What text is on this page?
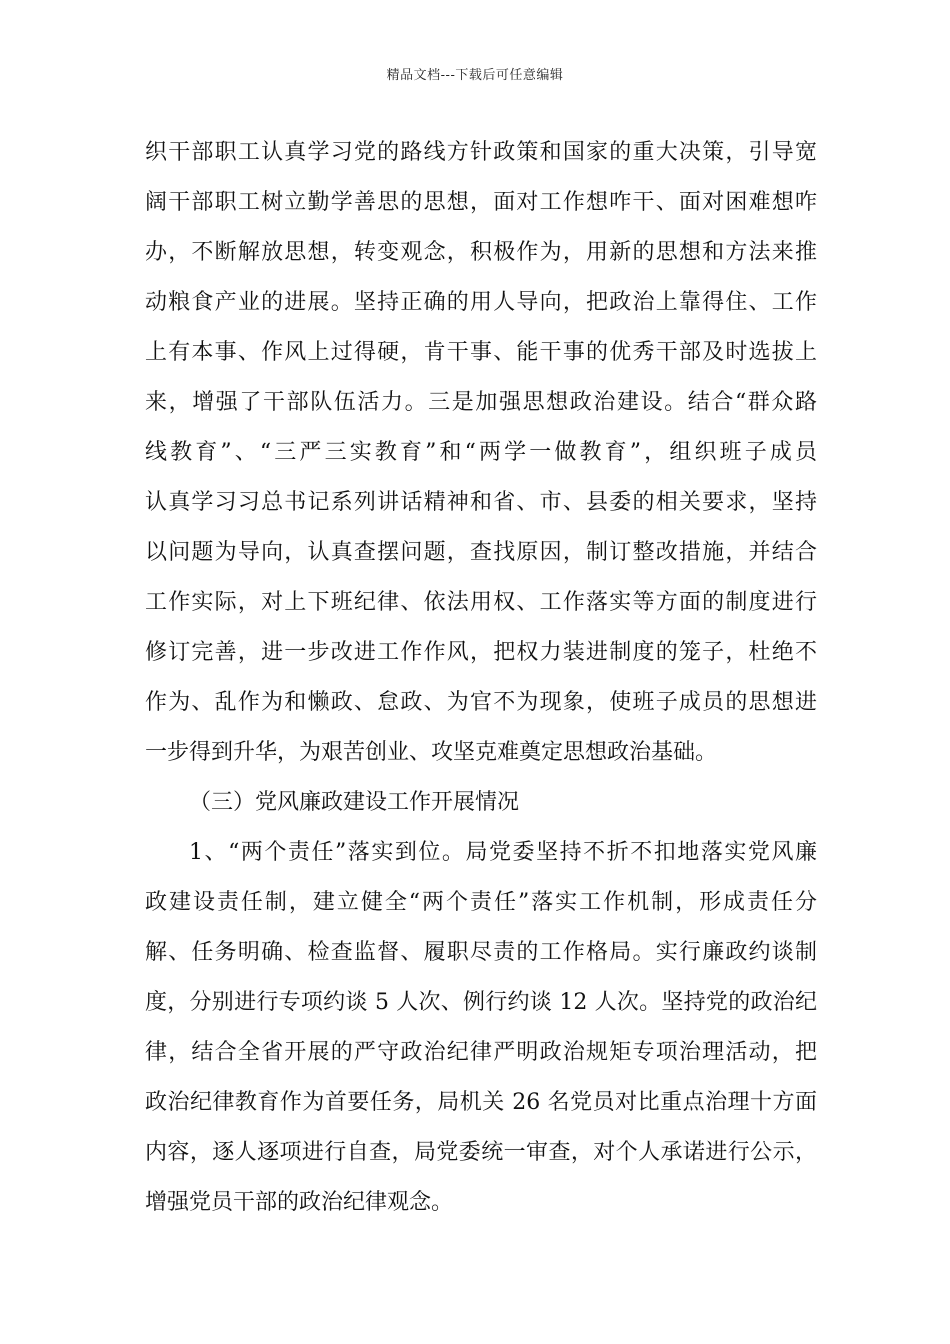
精品文档---下载后可任意编辑
织干部职工认真学习党的路线方针政策和国家的重大决策，引导宽
阔干部职工树立勤学善思的思想，面对工作想咋干、面对困难想咋
办，不断解放思想，转变观念，积极作为，用新的思想和方法来推
动粮食产业的进展。坚持正确的用人导向，把政治上靠得住、工作
上有本事、作风上过得硬，肯干事、能干事的优秀干部及时选拔上
来，增强了干部队伍活力。三是加强思想政治建设。结合“群众路
线教育”、“三严三实教育”和“两学一做教育”，组织班子成员
认真学习习总书记系列讲话精神和省、市、县委的相关要求，坚持
以问题为导向，认真查摆问题，查找原因，制订整改措施，并结合
工作实际，对上下班纪律、依法用权、工作落实等方面的制度进行
修订完善，进一步改进工作作风，把权力装进制度的笼子，杜绝不
作为、乱作为和懒政、怠政、为官不为现象，使班子成员的思想进
一步得到升华，为艰苦创业、攻坚克难奠定思想政治基础。
（三）党风廉政建设工作开展情况
1、“两个责任”落实到位。局党委坚持不折不扣地落实党风廉
政建设责任制，建立健全“两个责任”落实工作机制，形成责任分
解、任务明确、检查监督、履职尽责的工作格局。实行廉政约谈制
度，分别进行专项约谈 5 人次、例行约谈 12 人次。坚持党的政治纪
律，结合全省开展的严守政治纪律严明政治规矩专项治理活动，把
政治纪律教育作为首要任务，局机关 26 名党员对比重点治理十方面
内容，逐人逐项进行自查，局党委统一审查，对个人承诺进行公示，
增强党员干部的政治纪律观念。
